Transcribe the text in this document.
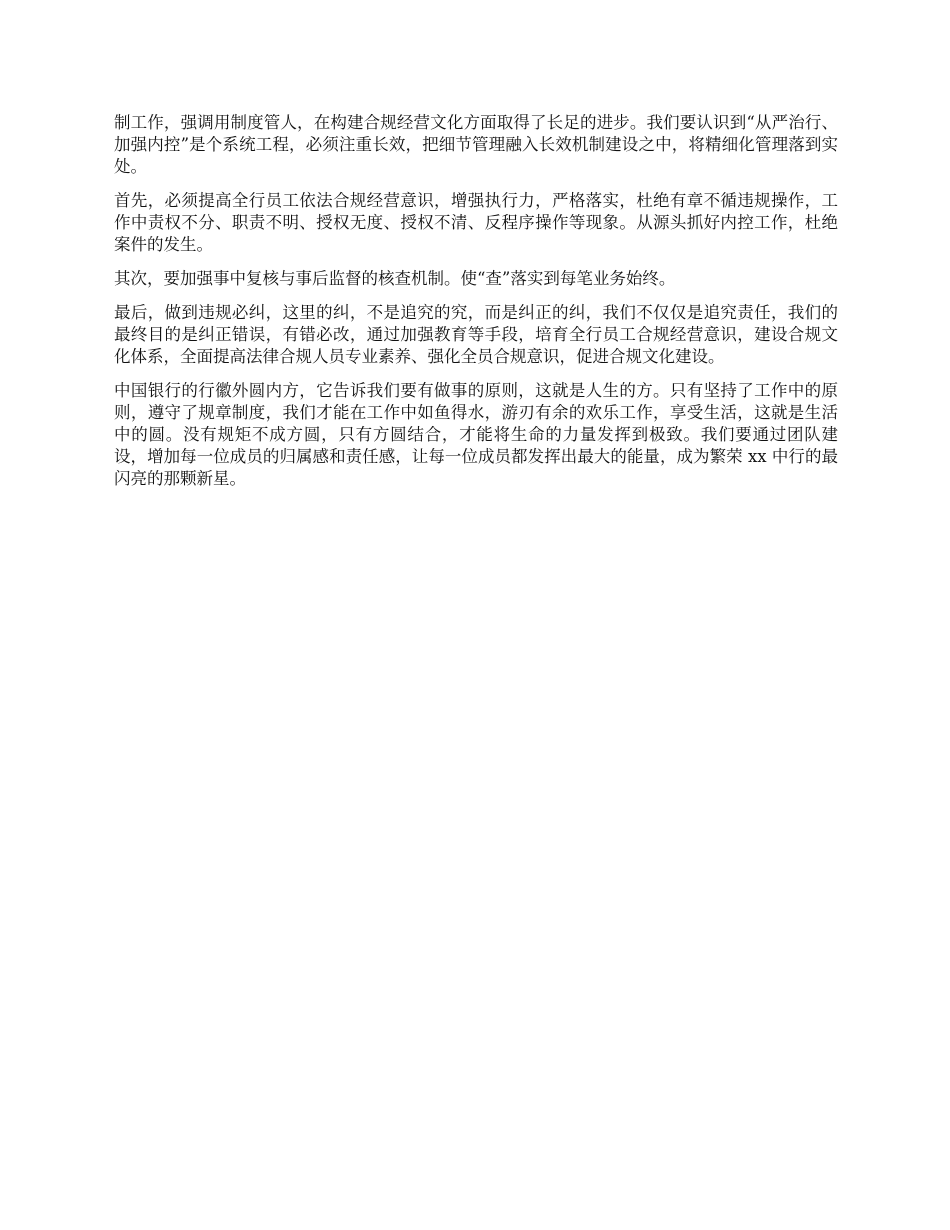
制工作，强调用制度管人，在构建合规经营文化方面取得了长足的进步。我们要认识到“从严治行、加强内控”是个系统工程，必须注重长效，把细节管理融入长效机制建设之中，将精细化管理落到实处。

首先，必须提高全行员工依法合规经营意识，增强执行力，严格落实，杜绝有章不循违规操作，工作中责权不分、职责不明、授权无度、授权不清、反程序操作等现象。从源头抓好内控工作，杜绝案件的发生。

其次，要加强事中复核与事后监督的核查机制。使“查”落实到每笔业务始终。

最后，做到违规必纠，这里的纠，不是追究的究，而是纠正的纠，我们不仅仅是追究责任，我们的最终目的是纠正错误，有错必改，通过加强教育等手段，培育全行员工合规经营意识，建设合规文化体系，全面提高法律合规人员专业素养、强化全员合规意识，促进合规文化建设。

中国银行的行徽外圆内方，它告诉我们要有做事的原则，这就是人生的方。只有坚持了工作中的原则，遵守了规章制度，我们才能在工作中如鱼得水，游刃有余的欢乐工作，享受生活，这就是生活中的圆。没有规矩不成方圆，只有方圆结合，才能将生命的力量发挥到极致。我们要通过团队建设，增加每一位成员的归属感和责任感，让每一位成员都发挥出最大的能量，成为繁荣 xx 中行的最闪亮的那颗新星。
